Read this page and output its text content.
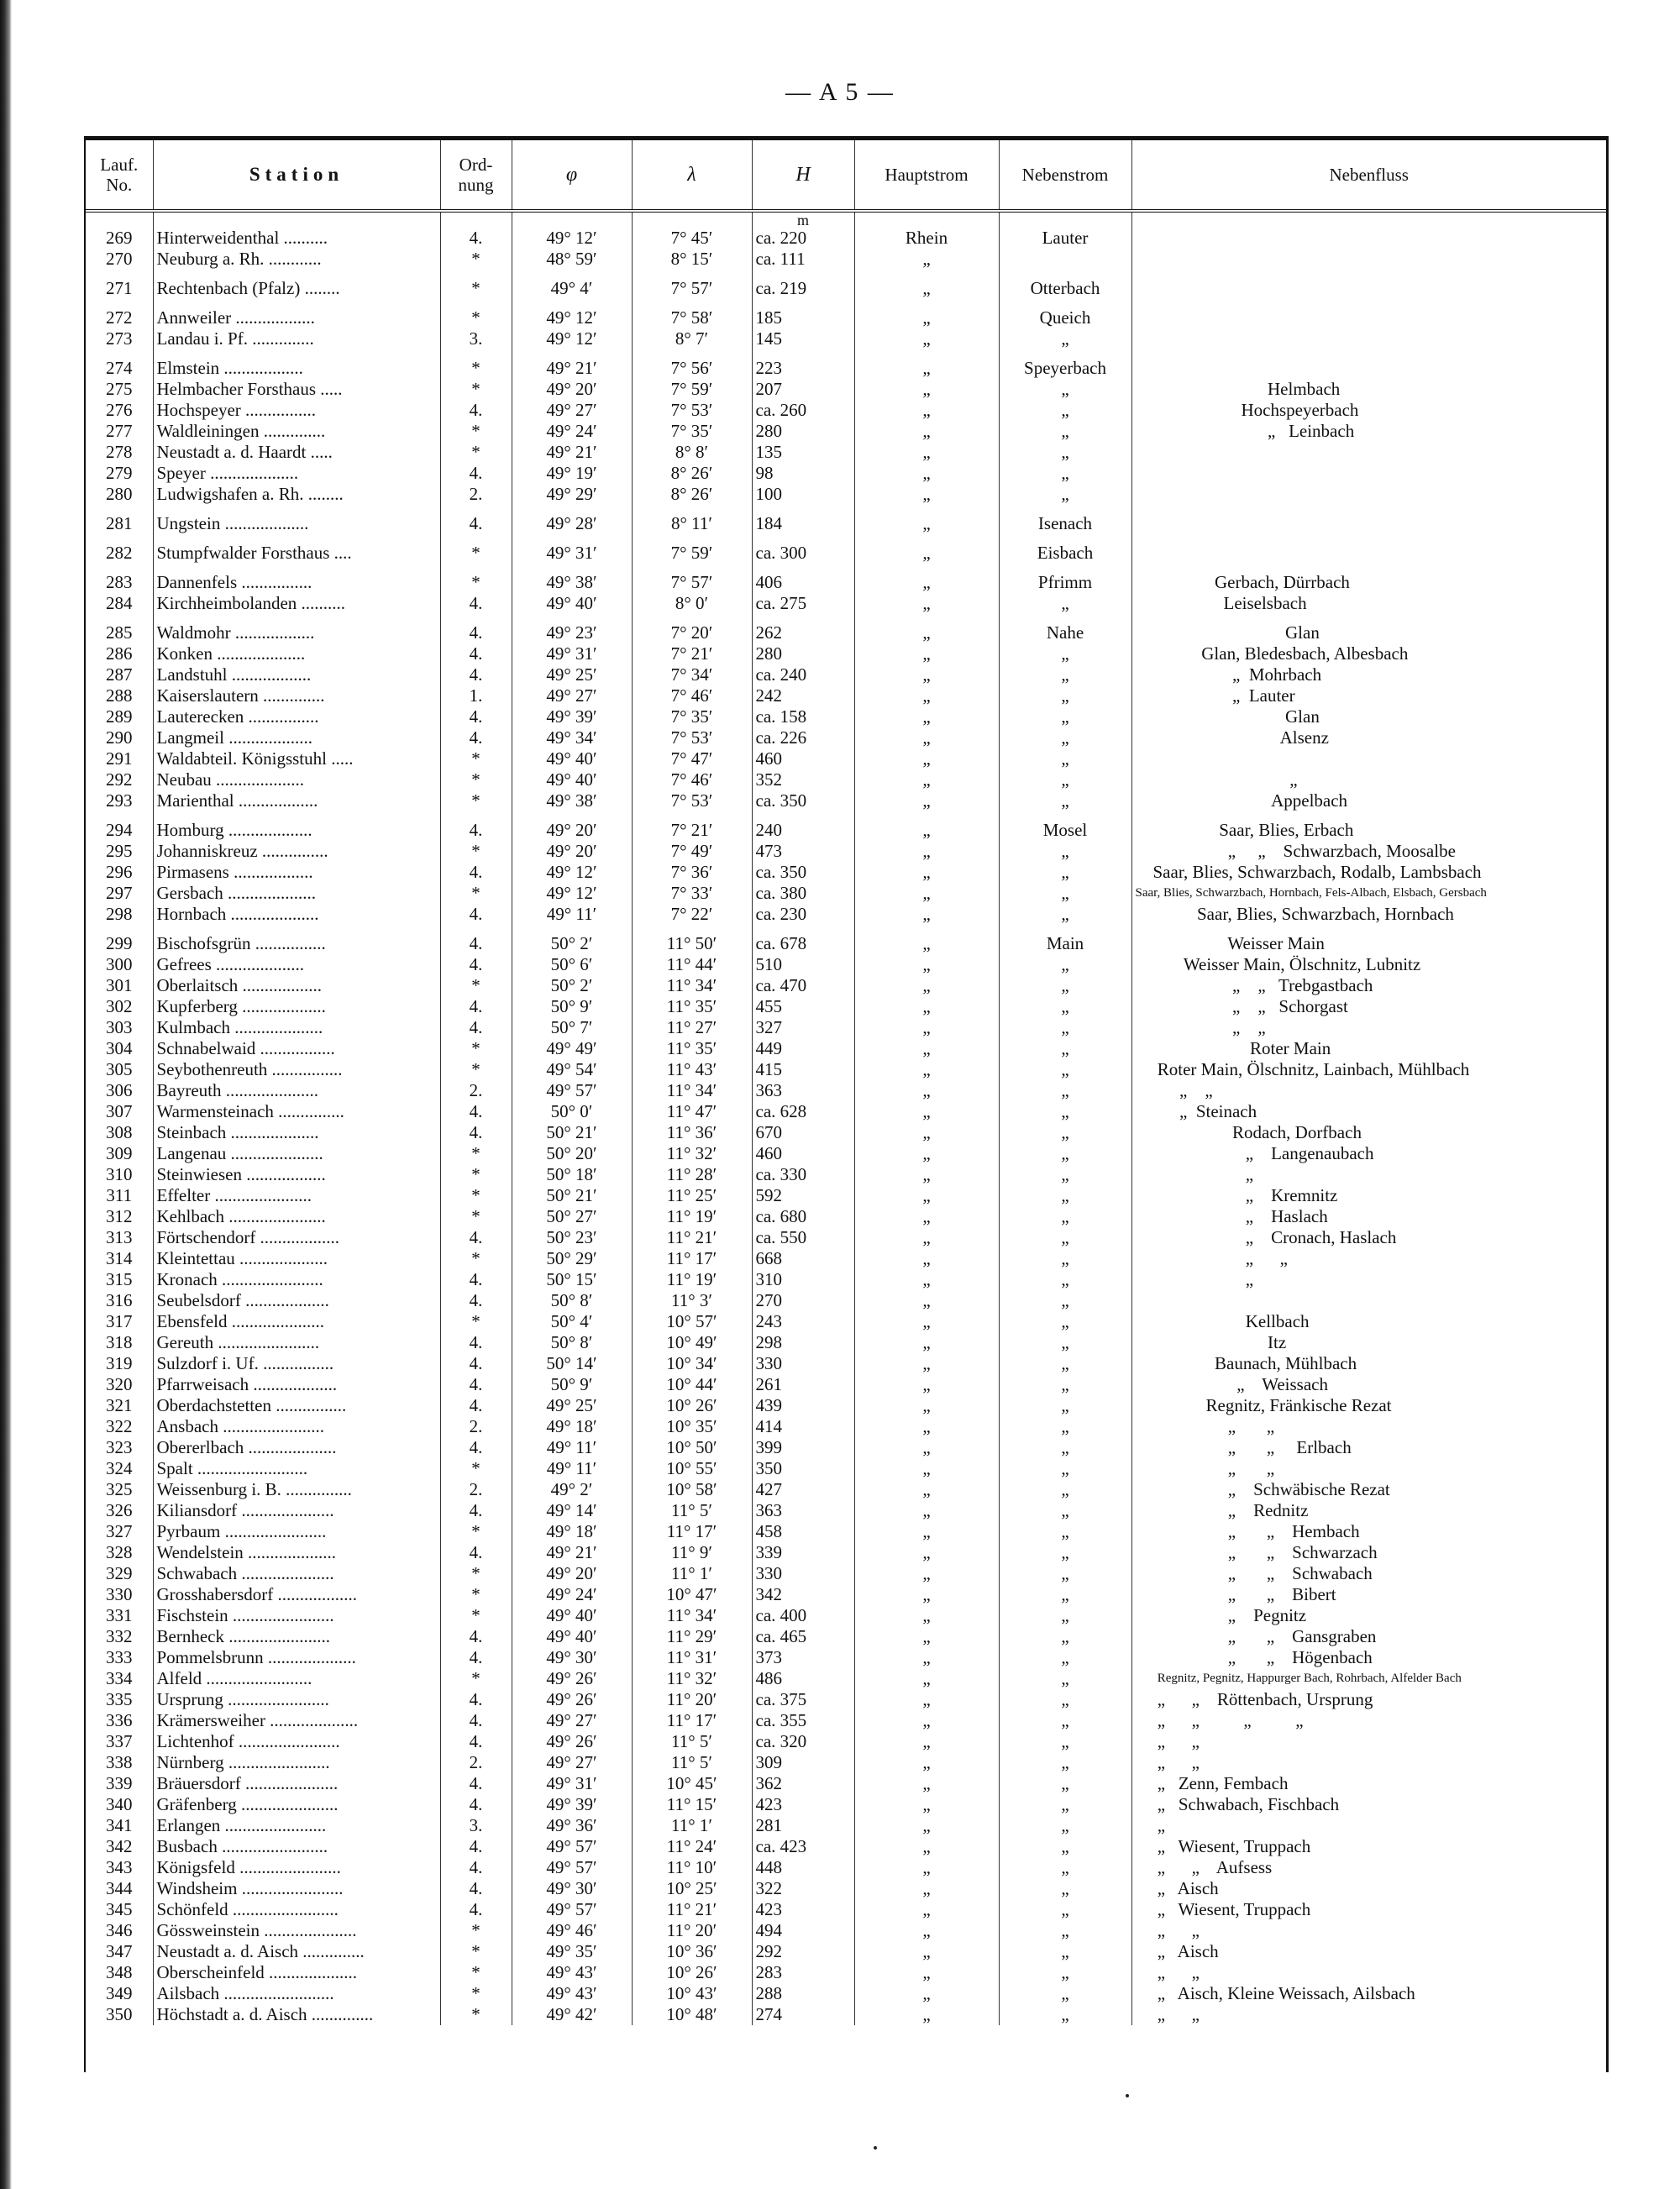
— A 5 —
Lauf. No.	Station	Ord- nung	φ	λ	H	Hauptstrom	Nebenstrom	Nebenfluss
					m			
269	Hinterweidenthal ..........	4.	49° 12′	7° 45′	ca. 220	Rhein	Lauter	
270	Neuburg a. Rh. ............	*	48° 59′	8° 15′	ca. 111	„		
271	Rechtenbach (Pfalz) ........	*	49° 4′	7° 57′	ca. 219	„	Otterbach	
272	Annweiler ..................	*	49° 12′	7° 58′	185	„	Queich	
273	Landau i. Pf. ..............	3.	49° 12′	8° 7′	145	„	„	
274	Elmstein ..................	*	49° 21′	7° 56′	223	„	Speyerbach	
275	Helmbacher Forsthaus .....	*	49° 20′	7° 59′	207	„	„	Helmbach
276	Hochspeyer ................	4.	49° 27′	7° 53′	ca. 260	„	„	Hochspeyerbach
277	Waldleiningen ..............	*	49° 24′	7° 35′	280	„	„	„   Leinbach
278	Neustadt a. d. Haardt .....	*	49° 21′	8° 8′	135	„	„	
279	Speyer ....................	4.	49° 19′	8° 26′	98	„	„	
280	Ludwigshafen a. Rh. ........	2.	49° 29′	8° 26′	100	„	„	
281	Ungstein ...................	4.	49° 28′	8° 11′	184	„	Isenach	
282	Stumpfwalder Forsthaus ....	*	49° 31′	7° 59′	ca. 300	„	Eisbach	
283	Dannenfels ................	*	49° 38′	7° 57′	406	„	Pfrimm	Gerbach, Dürrbach
284	Kirchheimbolanden ..........	4.	49° 40′	8° 0′	ca. 275	„	„	Leiselsbach
285	Waldmohr ..................	4.	49° 23′	7° 20′	262	„	Nahe	Glan
286	Konken ....................	4.	49° 31′	7° 21′	280	„	„	Glan, Bledesbach, Albesbach
287	Landstuhl ..................	4.	49° 25′	7° 34′	ca. 240	„	„	„  Mohrbach
288	Kaiserslautern ..............	1.	49° 27′	7° 46′	242	„	„	„  Lauter
289	Lauterecken ................	4.	49° 39′	7° 35′	ca. 158	„	„	Glan
290	Langmeil ...................	4.	49° 34′	7° 53′	ca. 226	„	„	Alsenz
291	Waldabteil. Königsstuhl .....	*	49° 40′	7° 47′	460	„	„	
292	Neubau ....................	*	49° 40′	7° 46′	352	„	„	„
293	Marienthal ..................	*	49° 38′	7° 53′	ca. 350	„	„	Appelbach
294	Homburg ...................	4.	49° 20′	7° 21′	240	„	Mosel	Saar, Blies, Erbach
295	Johanniskreuz ...............	*	49° 20′	7° 49′	473	„	„	„     „    Schwarzbach, Moosalbe
296	Pirmasens ..................	4.	49° 12′	7° 36′	ca. 350	„	„	Saar, Blies, Schwarzbach, Rodalb, Lambsbach
297	Gersbach ....................	*	49° 12′	7° 33′	ca. 380	„	„	Saar, Blies, Schwarzbach, Hornbach, Fels-Albach, Elsbach, Gersbach
298	Hornbach ....................	4.	49° 11′	7° 22′	ca. 230	„	„	Saar, Blies, Schwarzbach, Hornbach
299	Bischofsgrün ................	4.	50° 2′	11° 50′	ca. 678	„	Main	Weisser Main
300	Gefrees ....................	4.	50° 6′	11° 44′	510	„	„	Weisser Main, Ölschnitz, Lubnitz
301	Oberlaitsch ..................	*	50° 2′	11° 34′	ca. 470	„	„	„    „   Trebgastbach
302	Kupferberg ...................	4.	50° 9′	11° 35′	455	„	„	„    „   Schorgast
303	Kulmbach ....................	4.	50° 7′	11° 27′	327	„	„	„    „
304	Schnabelwaid .................	*	49° 49′	11° 35′	449	„	„	Roter Main
305	Seybothenreuth ................	*	49° 54′	11° 43′	415	„	„	Roter Main, Ölschnitz, Lainbach, Mühlbach
306	Bayreuth .....................	2.	49° 57′	11° 34′	363	„	„	„    „
307	Warmensteinach ...............	4.	50° 0′	11° 47′	ca. 628	„	„	„  Steinach
308	Steinbach ....................	4.	50° 21′	11° 36′	670	„	„	Rodach, Dorfbach
309	Langenau .....................	*	50° 20′	11° 32′	460	„	„	„    Langenaubach
310	Steinwiesen ..................	*	50° 18′	11° 28′	ca. 330	„	„	„
311	Effelter ......................	*	50° 21′	11° 25′	592	„	„	„    Kremnitz
312	Kehlbach ......................	*	50° 27′	11° 19′	ca. 680	„	„	„    Haslach
313	Förtschendorf ..................	4.	50° 23′	11° 21′	ca. 550	„	„	„    Cronach, Haslach
314	Kleintettau ....................	*	50° 29′	11° 17′	668	„	„	„      „
315	Kronach .......................	4.	50° 15′	11° 19′	310	„	„	„
316	Seubelsdorf ...................	4.	50° 8′	11° 3′	270	„	„	
317	Ebensfeld .....................	*	50° 4′	10° 57′	243	„	„	Kellbach
318	Gereuth .......................	4.	50° 8′	10° 49′	298	„	„	Itz
319	Sulzdorf i. Uf. ................	4.	50° 14′	10° 34′	330	„	„	Baunach, Mühlbach
320	Pfarrweisach ...................	4.	50° 9′	10° 44′	261	„	„	„    Weissach
321	Oberdachstetten ................	4.	49° 25′	10° 26′	439	„	„	Regnitz, Fränkische Rezat
322	Ansbach .......................	2.	49° 18′	10° 35′	414	„	„	„       „
323	Obererlbach ....................	4.	49° 11′	10° 50′	399	„	„	„       „     Erlbach
324	Spalt .........................	*	49° 11′	10° 55′	350	„	„	„       „
325	Weissenburg i. B. ...............	2.	49° 2′	10° 58′	427	„	„	„    Schwäbische Rezat
326	Kiliansdorf .....................	4.	49° 14′	11° 5′	363	„	„	„    Rednitz
327	Pyrbaum .......................	*	49° 18′	11° 17′	458	„	„	„       „    Hembach
328	Wendelstein ....................	4.	49° 21′	11° 9′	339	„	„	„       „    Schwarzach
329	Schwabach .....................	*	49° 20′	11° 1′	330	„	„	„       „    Schwabach
330	Grosshabersdorf ..................	*	49° 24′	10° 47′	342	„	„	„       „    Bibert
331	Fischstein .......................	*	49° 40′	11° 34′	ca. 400	„	„	„    Pegnitz
332	Bernheck .......................	4.	49° 40′	11° 29′	ca. 465	„	„	„       „    Gansgraben
333	Pommelsbrunn ....................	4.	49° 30′	11° 31′	373	„	„	„       „    Högenbach
334	Alfeld ........................	*	49° 26′	11° 32′	486	„	„	Regnitz, Pegnitz, Happurger Bach, Rohrbach, Alfelder Bach
335	Ursprung .......................	4.	49° 26′	11° 20′	ca. 375	„	„	„      „    Röttenbach, Ursprung
336	Krämersweiher ....................	4.	49° 27′	11° 17′	ca. 355	„	„	„      „          „          „
337	Lichtenhof .......................	4.	49° 26′	11° 5′	ca. 320	„	„	„      „
338	Nürnberg .......................	2.	49° 27′	11° 5′	309	„	„	„      „
339	Bräuersdorf .....................	4.	49° 31′	10° 45′	362	„	„	„   Zenn, Fembach
340	Gräfenberg ......................	4.	49° 39′	11° 15′	423	„	„	„   Schwabach, Fischbach
341	Erlangen .......................	3.	49° 36′	11° 1′	281	„	„	„
342	Busbach ........................	4.	49° 57′	11° 24′	ca. 423	„	„	„   Wiesent, Truppach
343	Königsfeld .......................	4.	49° 57′	11° 10′	448	„	„	„      „    Aufsess
344	Windsheim .......................	4.	49° 30′	10° 25′	322	„	„	„   Aisch
345	Schönfeld ........................	4.	49° 57′	11° 21′	423	„	„	„   Wiesent, Truppach
346	Gössweinstein .....................	*	49° 46′	11° 20′	494	„	„	„      „
347	Neustadt a. d. Aisch ..............	*	49° 35′	10° 36′	292	„	„	„   Aisch
348	Oberscheinfeld ....................	*	49° 43′	10° 26′	283	„	„	„      „
349	Ailsbach .........................	*	49° 43′	10° 43′	288	„	„	„   Aisch, Kleine Weissach, Ailsbach
350	Höchstadt a. d. Aisch ..............	*	49° 42′	10° 48′	274	„	„	„      „
